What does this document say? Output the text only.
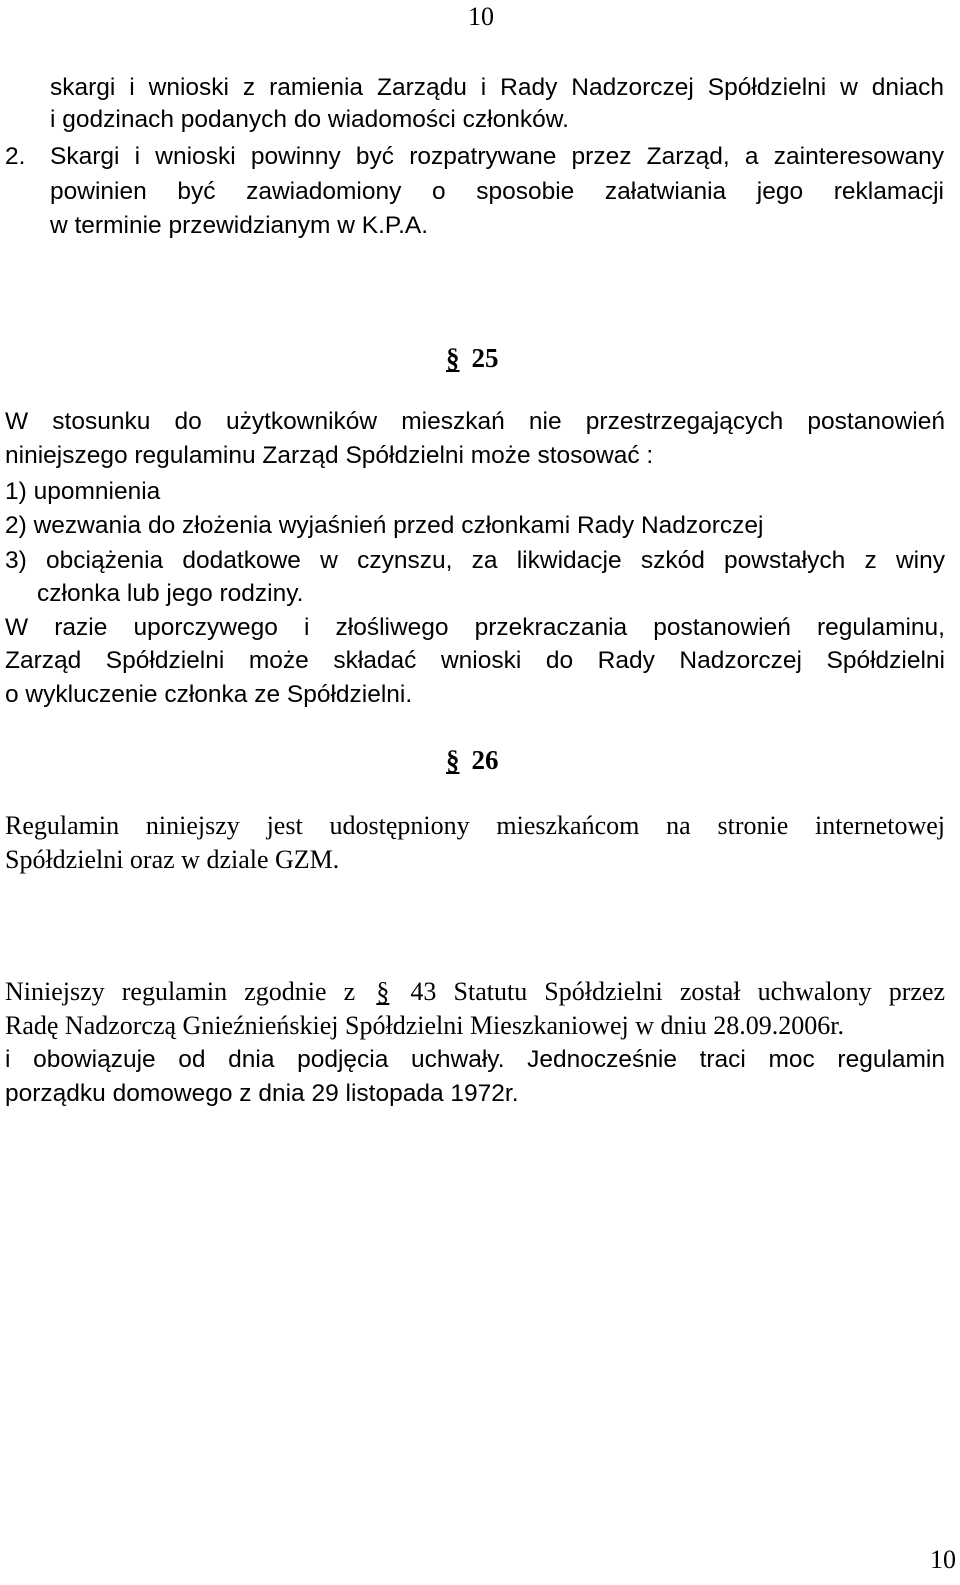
10
skargi i wnioski z ramienia Zarządu i Rady Nadzorczej Spółdzielni w dniach
i godzinach podanych do wiadomości członków.
2. Skargi i wnioski powinny być rozpatrywane przez Zarząd, a zainteresowany
powinien być zawiadomiony o sposobie załatwiania jego reklamacji
w terminie przewidzianym w K.P.A.
§ 25
W stosunku do użytkowników mieszkań nie przestrzegających postanowień
niniejszego regulaminu Zarząd Spółdzielni może stosować :
1) upomnienia
2) wezwania do złożenia wyjaśnień przed członkami Rady Nadzorczej
3) obciążenia dodatkowe w czynszu, za likwidacje szkód powstałych z winy
członka lub jego rodziny.
W razie uporczywego i złośliwego przekraczania postanowień regulaminu,
Zarząd Spółdzielni może składać wnioski do Rady Nadzorczej Spółdzielni
o wykluczenie członka ze Spółdzielni.
§ 26
Regulamin niniejszy jest udostępniony mieszkańcom na stronie internetowej
Spółdzielni oraz w dziale GZM.
Niniejszy regulamin zgodnie z § 43 Statutu Spółdzielni został uchwalony przez
Radę Nadzorczą Gnieźnieńskiej Spółdzielni Mieszkaniowej w dniu 28.09.2006r.
i obowiązuje od dnia podjęcia uchwały. Jednocześnie traci moc regulamin
porządku domowego z dnia 29 listopada 1972r.
10
